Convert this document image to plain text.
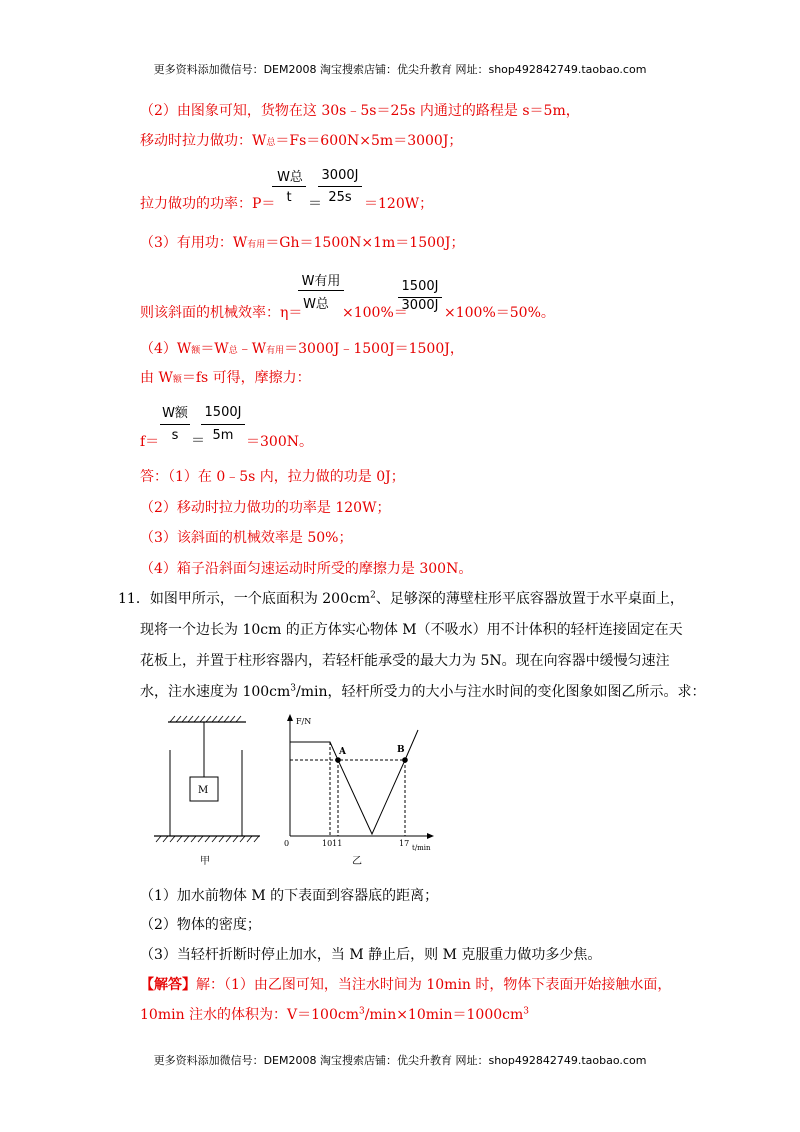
更多资料添加微信号：DEM2008 淘宝搜索店铺：优尖升教育 网址：shop492842749.taobao.com
（2）由图象可知，货物在这 30s﹣5s＝25s 内通过的路程是 s＝5m，
移动时拉力做功：W总＝Fs＝600N×5m＝3000J；
拉力做功的功率：P＝
W总
t	＝
3000J
25s ＝120W；
（3）有用功：W有用＝Gh＝1500N×1m＝1500J；
则该斜面的机械效率：η＝
W有用
W总
×100%＝
1500J
3000J ×100%＝50%。
（4）W额＝W总﹣W有用＝3000J﹣1500J＝1500J，
由 W额＝fs 可得，摩擦力：
f＝
W额
s ＝
1500J
5m ＝300N。
答：（1）在 0﹣5s 内，拉力做的功是 0J；
（2）移动时拉力做功的功率是 120W；
（3）该斜面的机械效率是 50%；
（4）箱子沿斜面匀速运动时所受的摩擦力是 300N。
11．如图甲所示，一个底面积为 $200cm^2$、足够深的薄壁柱形平底容器放置于水平桌面上，
现将一个边长为 10cm 的正方体实心物体 M（不吸水）用不计体积的轻杆连接固定在天
花板上，并置于柱形容器内，若轻杆能承受的最大力为 5N。现在向容器中缓慢匀速注
水，注水速度为 $100cm^3/\min$，轻杆所受力的大小与注水时间的变化图象如图乙所示。求：
M
甲
F/N
t/min
0	1011	17
A	B
乙
（1）加水前物体 M 的下表面到容器底的距离；
（2）物体的密度；
（3）当轻杆折断时停止加水，当 M 静止后，则 M 克服重力做功多少焦。
【解答】解：（1）由乙图可知，当注水时间为 10min 时，物体下表面开始接触水面，
10min 注水的体积为：$V=100cm^3/\min\times 10\min=1000cm^3$
更多资料添加微信号：DEM2008 淘宝搜索店铺：优尖升教育 网址：shop492842749.taobao.com
